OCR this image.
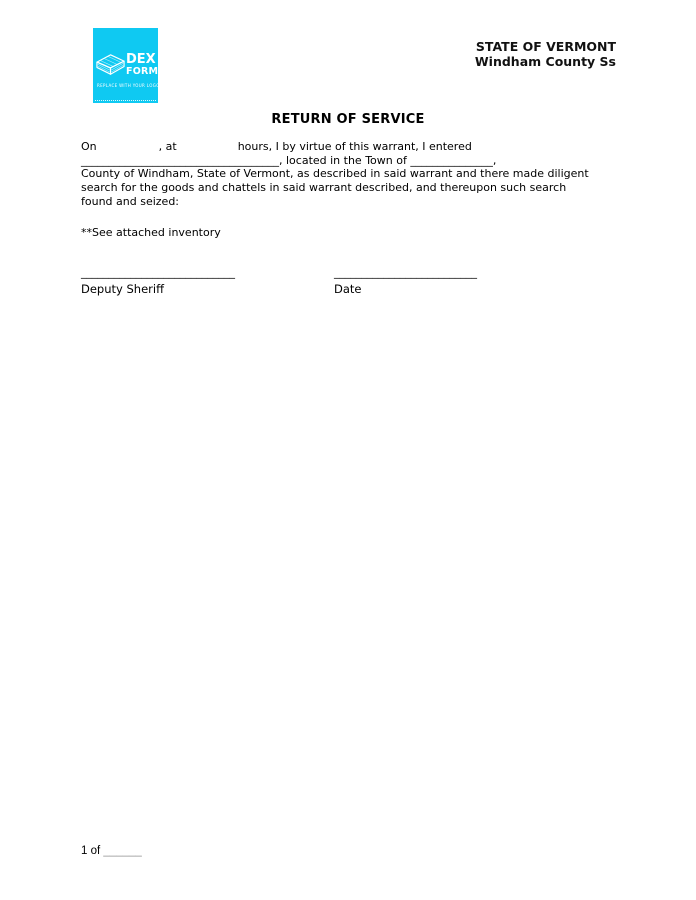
DEX
FORM
REPLACE WITH YOUR LOGO
STATE OF VERMONT
Windham County Ss
RETURN OF SERVICE
On	, at	hours, I by virtue of this warrant, I entered
____________________________________, located in the Town of _______________,
County of Windham, State of Vermont, as described in said warrant and there made diligent
search for the goods and chattels in said warrant described, and thereupon such search
found and seized:
**See attached inventory
____________________________
Deputy Sheriff
__________________________
Date
1 of ______
